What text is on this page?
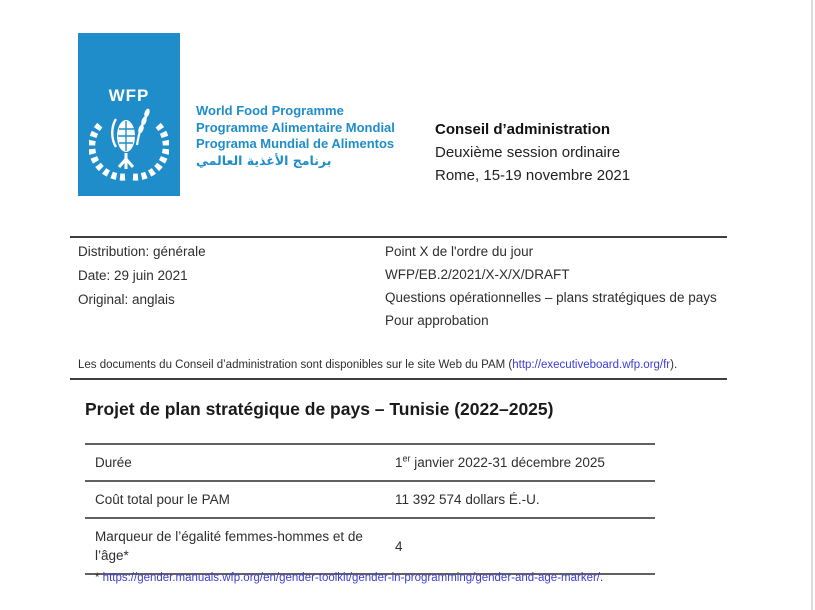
WFP
World Food Programme
Programme Alimentaire Mondial
Programa Mundial de Alimentos
برنامج الأغذية العالمي
Conseil d’administration
Deuxième session ordinaire
Rome, 15-19 novembre 2021
Distribution: générale
Date: 29 juin 2021
Original: anglais
Point X de l'ordre du jour
WFP/EB.2/2021/X-X/X/DRAFT
Questions opérationnelles – plans stratégiques de pays
Pour approbation
Les documents du Conseil d’administration sont disponibles sur le site Web du PAM (http://executiveboard.wfp.org/fr).
Projet de plan stratégique de pays – Tunisie (2022–2025)
Durée	1er janvier 2022-31 décembre 2025
Coût total pour le PAM	11 392 574 dollars É.-U.
Marqueur de l’égalité femmes-hommes et de l’âge*
4
* https://gender.manuals.wfp.org/en/gender-toolkit/gender-in-programming/gender-and-age-marker/.
